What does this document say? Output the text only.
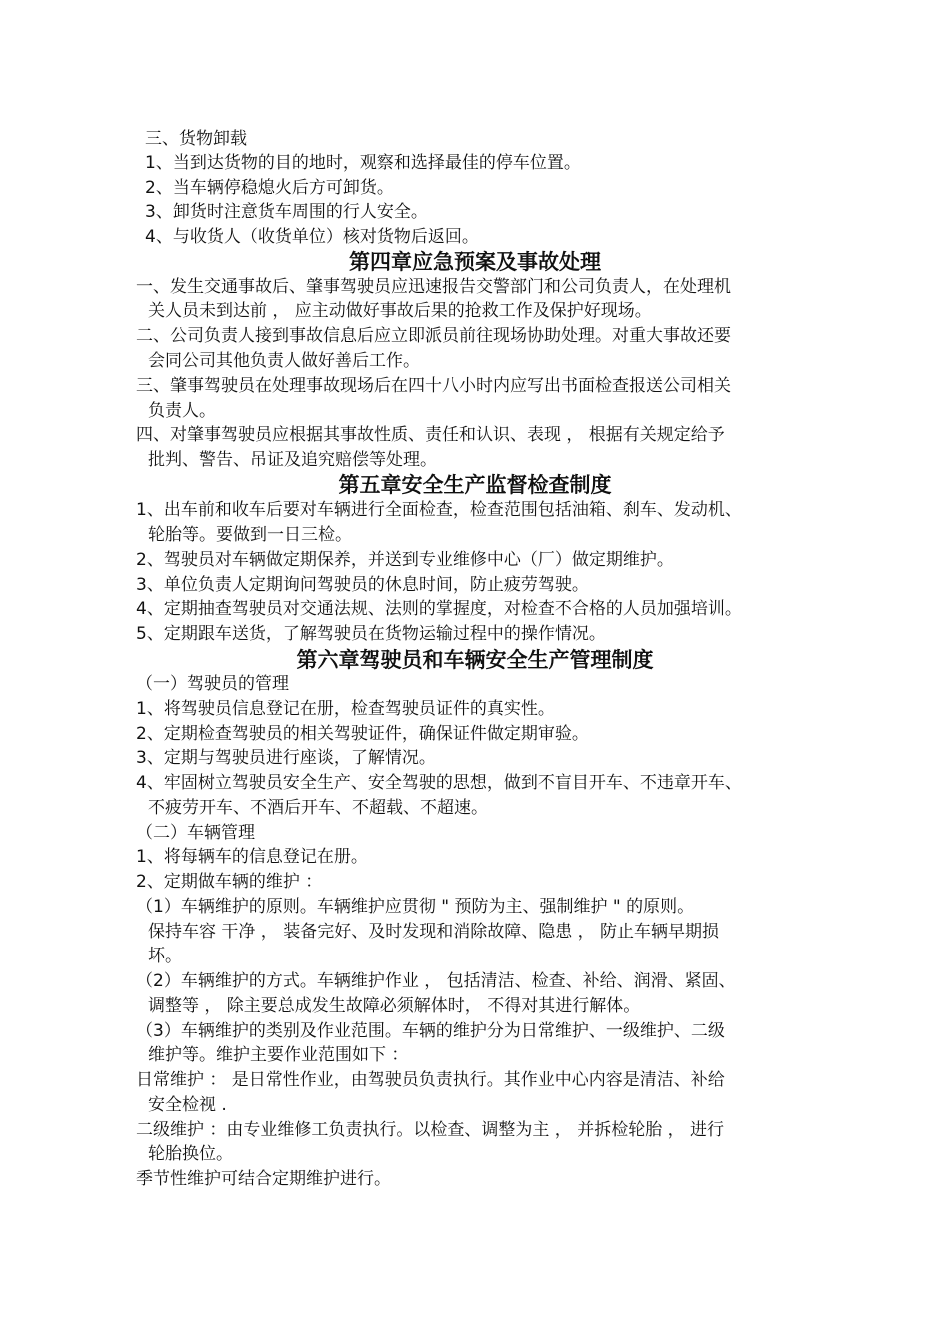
三、货物卸载
1、当到达货物的目的地时，观察和选择最佳的停车位置。
2、当车辆停稳熄火后方可卸货。
3、卸货时注意货车周围的行人安全。
4、与收货人（收货单位）核对货物后返回。
第四章应急预案及事故处理
一、发生交通事故后、肇事驾驶员应迅速报告交警部门和公司负责人，在处理机
关人员未到达前 ， 应主动做好事故后果的抢救工作及保护好现场。
二、公司负责人接到事故信息后应立即派员前往现场协助处理。对重大事故还要
会同公司其他负责人做好善后工作。
三、肇事驾驶员在处理事故现场后在四十八小时内应写出书面检查报送公司相关
负责人。
四、对肇事驾驶员应根据其事故性质、责任和认识、表现 ， 根据有关规定给予
批判、警告、吊证及追究赔偿等处理。
第五章安全生产监督检查制度
1、出车前和收车后要对车辆进行全面检查，检查范围包括油箱、刹车、发动机、
轮胎等。要做到一日三检。
2、驾驶员对车辆做定期保养，并送到专业维修中心（厂）做定期维护。
3、单位负责人定期询问驾驶员的休息时间，防止疲劳驾驶。
4、定期抽查驾驶员对交通法规、法则的掌握度，对检查不合格的人员加强培训。
5、定期跟车送货，了解驾驶员在货物运输过程中的操作情况。
第六章驾驶员和车辆安全生产管理制度
（一）驾驶员的管理
1、将驾驶员信息登记在册，检查驾驶员证件的真实性。
2、定期检查驾驶员的相关驾驶证件，确保证件做定期审验。
3、定期与驾驶员进行座谈，了解情况。
4、牢固树立驾驶员安全生产、安全驾驶的思想，做到不盲目开车、不违章开车、
不疲劳开车、不酒后开车、不超载、不超速。
（二）车辆管理
1、将每辆车的信息登记在册。
2、定期做车辆的维护 ：
（1）车辆维护的原则。车辆维护应贯彻 " 预防为主、强制维护 " 的原则。
保持车容 干净 ， 装备完好、及时发现和消除故障、隐患 ， 防止车辆早期损
坏。
（2）车辆维护的方式。车辆维护作业 ， 包括清洁、检查、补给、润滑、紧固、
调整等 ， 除主要总成发生故障必须解体时， 不得对其进行解体。
（3）车辆维护的类别及作业范围。车辆的维护分为日常维护、一级维护、二级
维护等。维护主要作业范围如下 ：
日常维护 ： 是日常性作业，由驾驶员负责执行。其作业中心内容是清洁、补给
安全检视 .
二级维护 ：由专业维修工负责执行。以检查、调整为主 ， 并拆检轮胎 ， 进行
轮胎换位。
季节性维护可结合定期维护进行。
